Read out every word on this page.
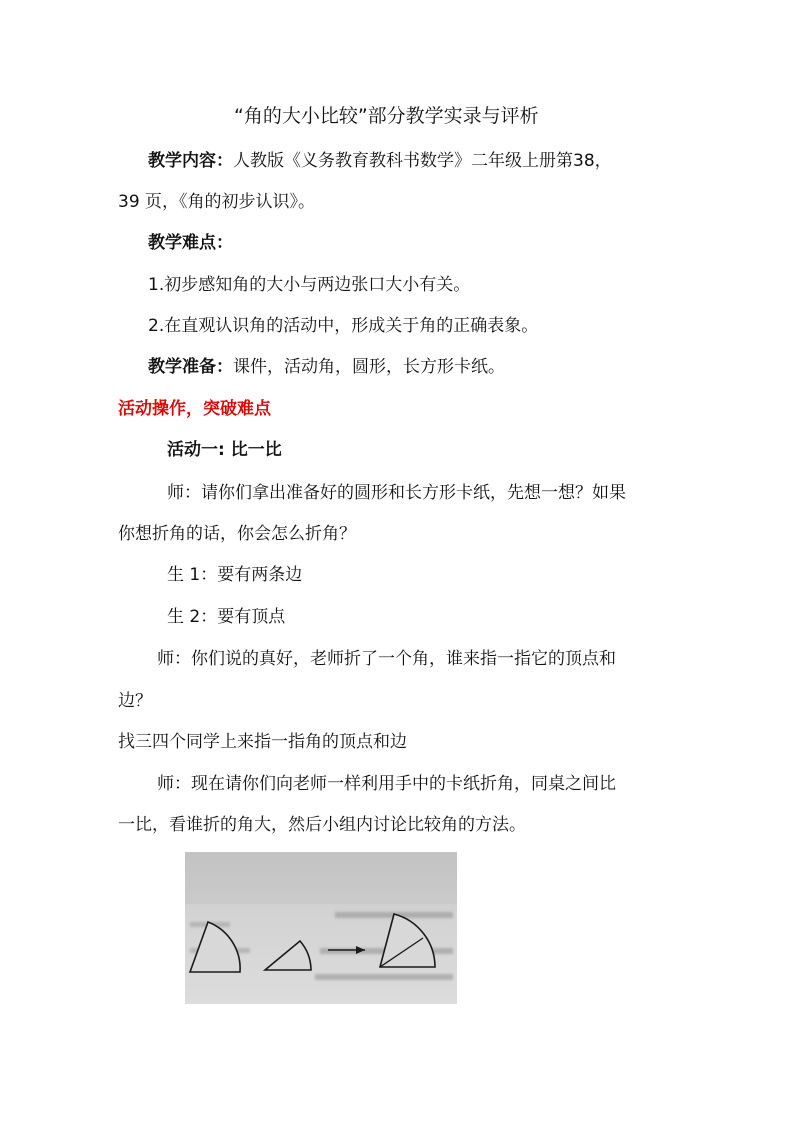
“角的大小比较”部分教学实录与评析
教学内容：人教版《义务教育教科书数学》二年级上册第38，
39 页，《角的初步认识》。
教学难点：
1.初步感知角的大小与两边张口大小有关。
2.在直观认识角的活动中，形成关于角的正确表象。
教学准备：课件，活动角，圆形，长方形卡纸。
活动操作，突破难点
活动一: 比一比
师：请你们拿出准备好的圆形和长方形卡纸，先想一想？如果
你想折角的话，你会怎么折角？
生 1：要有两条边
生 2：要有顶点
师：你们说的真好，老师折了一个角，谁来指一指它的顶点和
边？
找三四个同学上来指一指角的顶点和边
师：现在请你们向老师一样利用手中的卡纸折角，同桌之间比
一比，看谁折的角大，然后小组内讨论比较角的方法。
